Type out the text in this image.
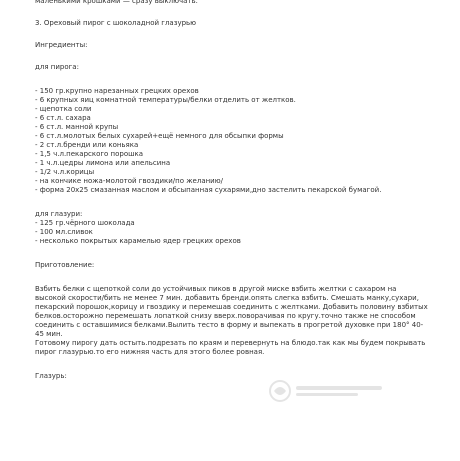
маленькими крошками — сразу выключать.
3. Ореховый пирог с шоколадной глазурью
Ингредиенты:
для пирога:
- 150 гр.крупно нарезанных грецких орехов
- 6 крупных яиц комнатной температуры/белки отделить от желтков.
- щепотка соли
- 6 ст.л. сахара
- 6 ст.л. манной крупы
- 6 ст.л.молотых белых сухарей+ещё немного для обсыпки формы
- 2 ст.л.бренди или коньяка
- 1,5 ч.л.пекарского порошка
- 1 ч.л.цедры лимона или апельсина
- 1/2 ч.л.корицы
- на кончике ножа-молотой гвоздики/по желанию/
- форма 20х25 смазанная маслом и обсыпанная сухарями,дно застелить пекарской бумагой.
для глазури:
- 125 гр.чёрного шоколада
- 100 мл.сливок
- несколько покрытых карамелью ядер грецких орехов
Приготовление:
Взбить белки с щепоткой соли до устойчивых пиков в другой миске взбить желтки с сахаром на
высокой скорости/бить не менее 7 мин. добавить бренди.опять слегка взбить. Смешать манку,сухари,
пекарский порошок,корицу и гвоздику и перемешав соединить с желтками. Добавить половину взбитых
белков.осторожно перемешать лопаткой снизу вверх.поворачивая по кругу.точно также не способом
соединить с оставшимися белками.Вылить тесто в форму и выпекать в прогретой духовке при 180° 40-
45 мин.
Готовому пирогу дать остыть.подрезать по краям и перевернуть на блюдо.так как мы будем покрывать
пирог глазурью.то его нижняя часть для этого более ровная.
Глазурь:
